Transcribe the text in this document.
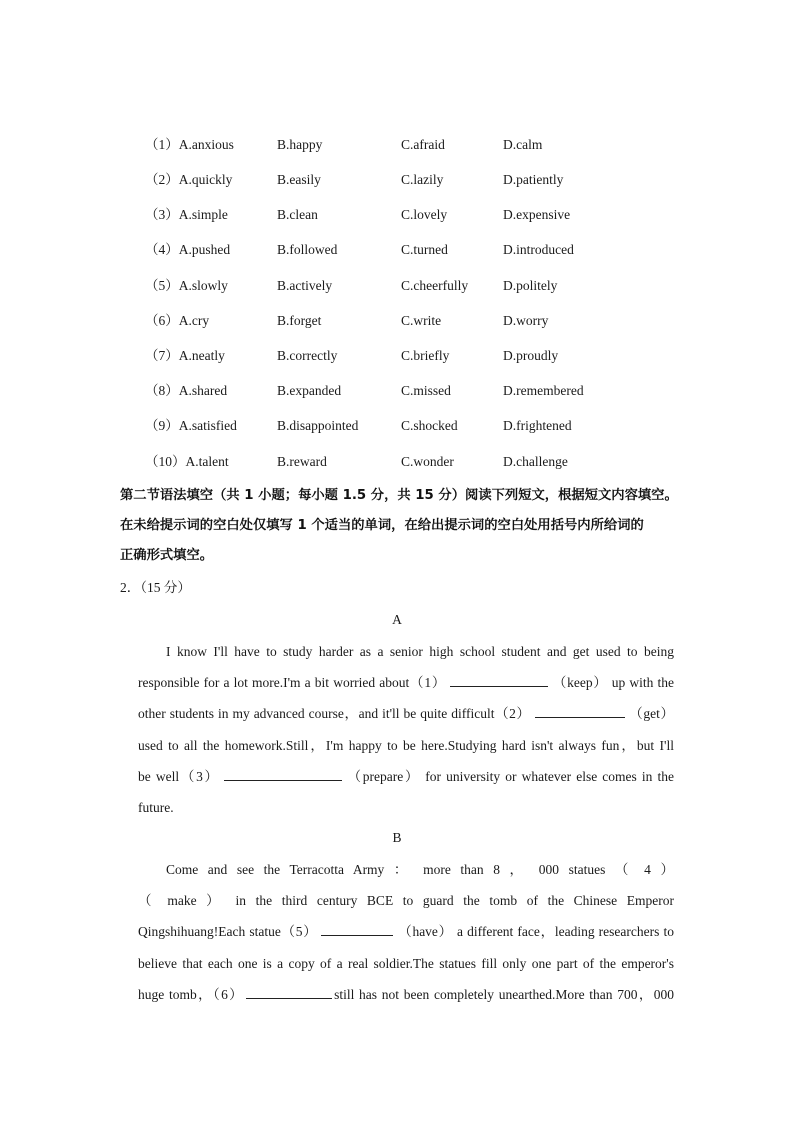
（1）A.anxious	B.happy	C.afraid	D.calm
（2）A.quickly	B.easily	C.lazily	D.patiently
（3）A.simple	B.clean	C.lovely	D.expensive
（4）A.pushed	B.followed	C.turned	D.introduced
（5）A.slowly	B.actively	C.cheerfully	D.politely
（6）A.cry	B.forget	C.write	D.worry
（7）A.neatly	B.correctly	C.briefly	D.proudly
（8）A.shared	B.expanded	C.missed	D.remembered
（9）A.satisfied	B.disappointed	C.shocked	D.frightened
（10）A.talent	B.reward	C.wonder	D.challenge
第二节语法填空（共 1 小题；每小题 1.5 分，共 15 分）阅读下列短文，根据短文内容填空。
在未给提示词的空白处仅填写 1 个适当的单词，在给出提示词的空白处用括号内所给词的
正确形式填空。
2．（15 分）
A
I know I'll have to study harder as a senior high school student and get used to being
responsible for a lot more.I'm a bit worried about（1）	（keep） up with the
other students in my advanced course，and it'll be quite difficult（2）	（get）
used to all the homework.Still，I'm happy to be here.Studying hard isn't always fun，but I'll
be well（3）	（prepare） for university or whatever else comes in the
future.
B
Come and see the Terracotta Army ： more than 8 ， 000 statues （ 4 ）
（ make ） in the third century BCE to guard the tomb of the Chinese Emperor
Qingshihuang!Each statue（5）	（have） a different face，leading researchers to
believe that each one is a copy of a real soldier.The statues fill only one part of the emperor's
huge tomb，（6）	still has not been completely unearthed.More than 700，000
